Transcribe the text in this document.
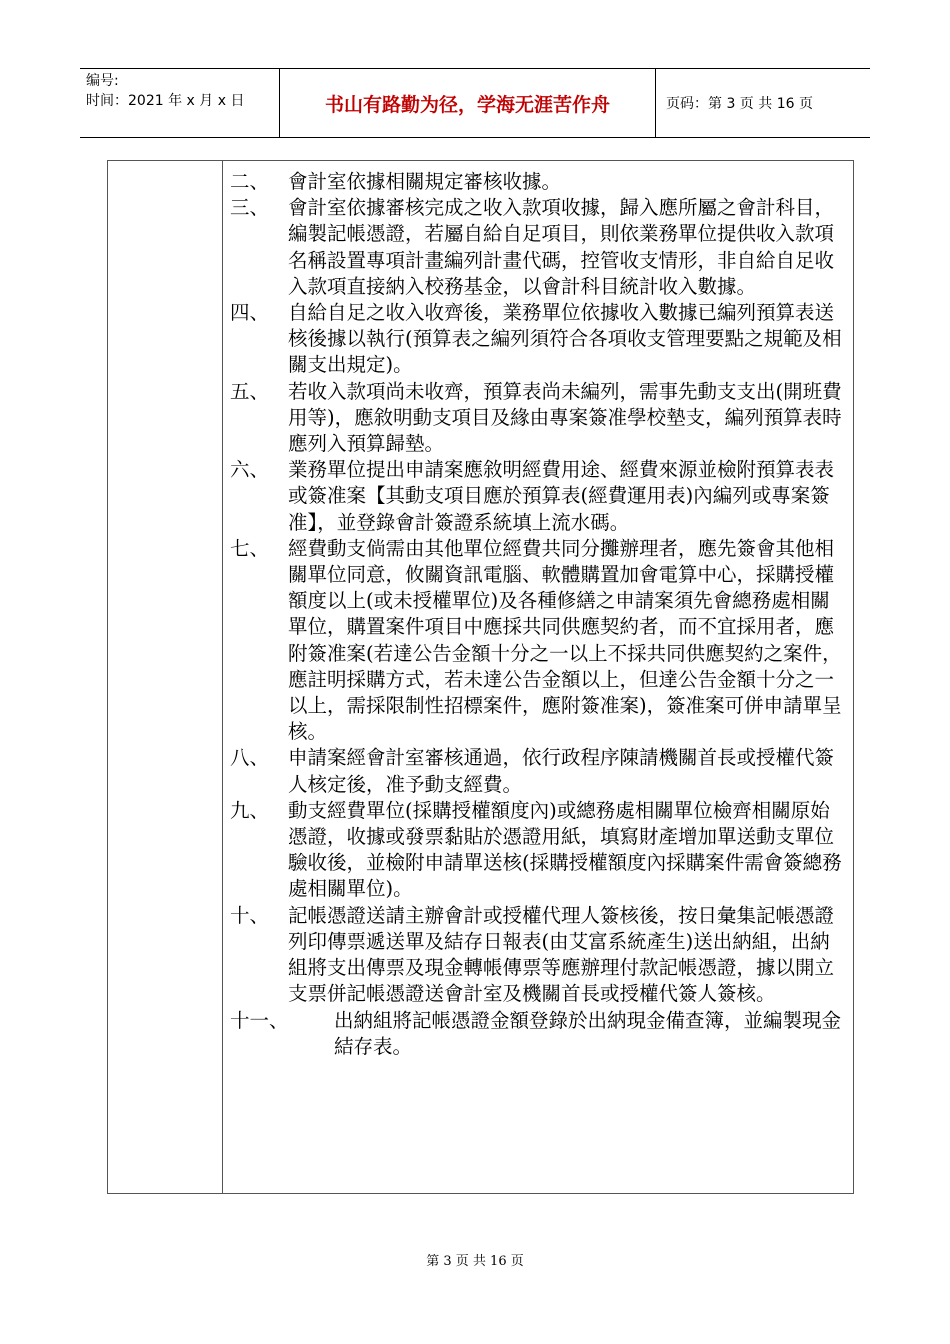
编号:
时间：2021 年 x 月 x 日	书山有路勤为径，学海无涯苦作舟	页码：第 3 页 共 16 页
二、 會計室依據相關規定審核收據。
三、 會計室依據審核完成之收入款項收據，歸入應所屬之會計科目，編製記帳憑證，若屬自給自足項目，則依業務單位提供收入款項名稱設置專項計畫編列計畫代碼，控管收支情形，非自給自足收入款項直接納入校務基金，以會計科目統計收入數據。
四、 自給自足之收入收齊後，業務單位依據收入數據已編列預算表送核後據以執行(預算表之編列須符合各項收支管理要點之規範及相關支出規定)。
五、 若收入款項尚未收齊，預算表尚未編列，需事先動支支出(開班費用等)，應敘明動支項目及緣由專案簽准學校墊支，編列預算表時應列入預算歸墊。
六、 業務單位提出申請案應敘明經費用途、經費來源並檢附預算表表或簽准案【其動支項目應於預算表(經費運用表)內編列或專案簽准】，並登錄會計簽證系統填上流水碼。
七、 經費動支倘需由其他單位經費共同分攤辦理者，應先簽會其他相關單位同意，攸關資訊電腦、軟體購置加會電算中心，採購授權額度以上(或未授權單位)及各種修繕之申請案須先會總務處相關單位，購置案件項目中應採共同供應契約者，而不宜採用者，應附簽准案(若達公告金額十分之一以上不採共同供應契約之案件，應註明採購方式，若未達公告金額以上，但達公告金額十分之一以上，需採限制性招標案件，應附簽准案)，簽准案可併申請單呈核。
八、 申請案經會計室審核通過，依行政程序陳請機關首長或授權代簽人核定後，准予動支經費。
九、 動支經費單位(採購授權額度內)或總務處相關單位檢齊相關原始憑證，收據或發票黏貼於憑證用紙，填寫財產增加單送動支單位驗收後，並檢附申請單送核(採購授權額度內採購案件需會簽總務處相關單位)。
十、 記帳憑證送請主辦會計或授權代理人簽核後，按日彙集記帳憑證列印傳票遞送單及結存日報表(由艾富系統產生)送出納組，出納組將支出傳票及現金轉帳傳票等應辦理付款記帳憑證，據以開立支票併記帳憑證送會計室及機關首長或授權代簽人簽核。
十一、	出納組將記帳憑證金額登錄於出納現金備查簿，並編製現金結存表。
第 3 页 共 16 页
